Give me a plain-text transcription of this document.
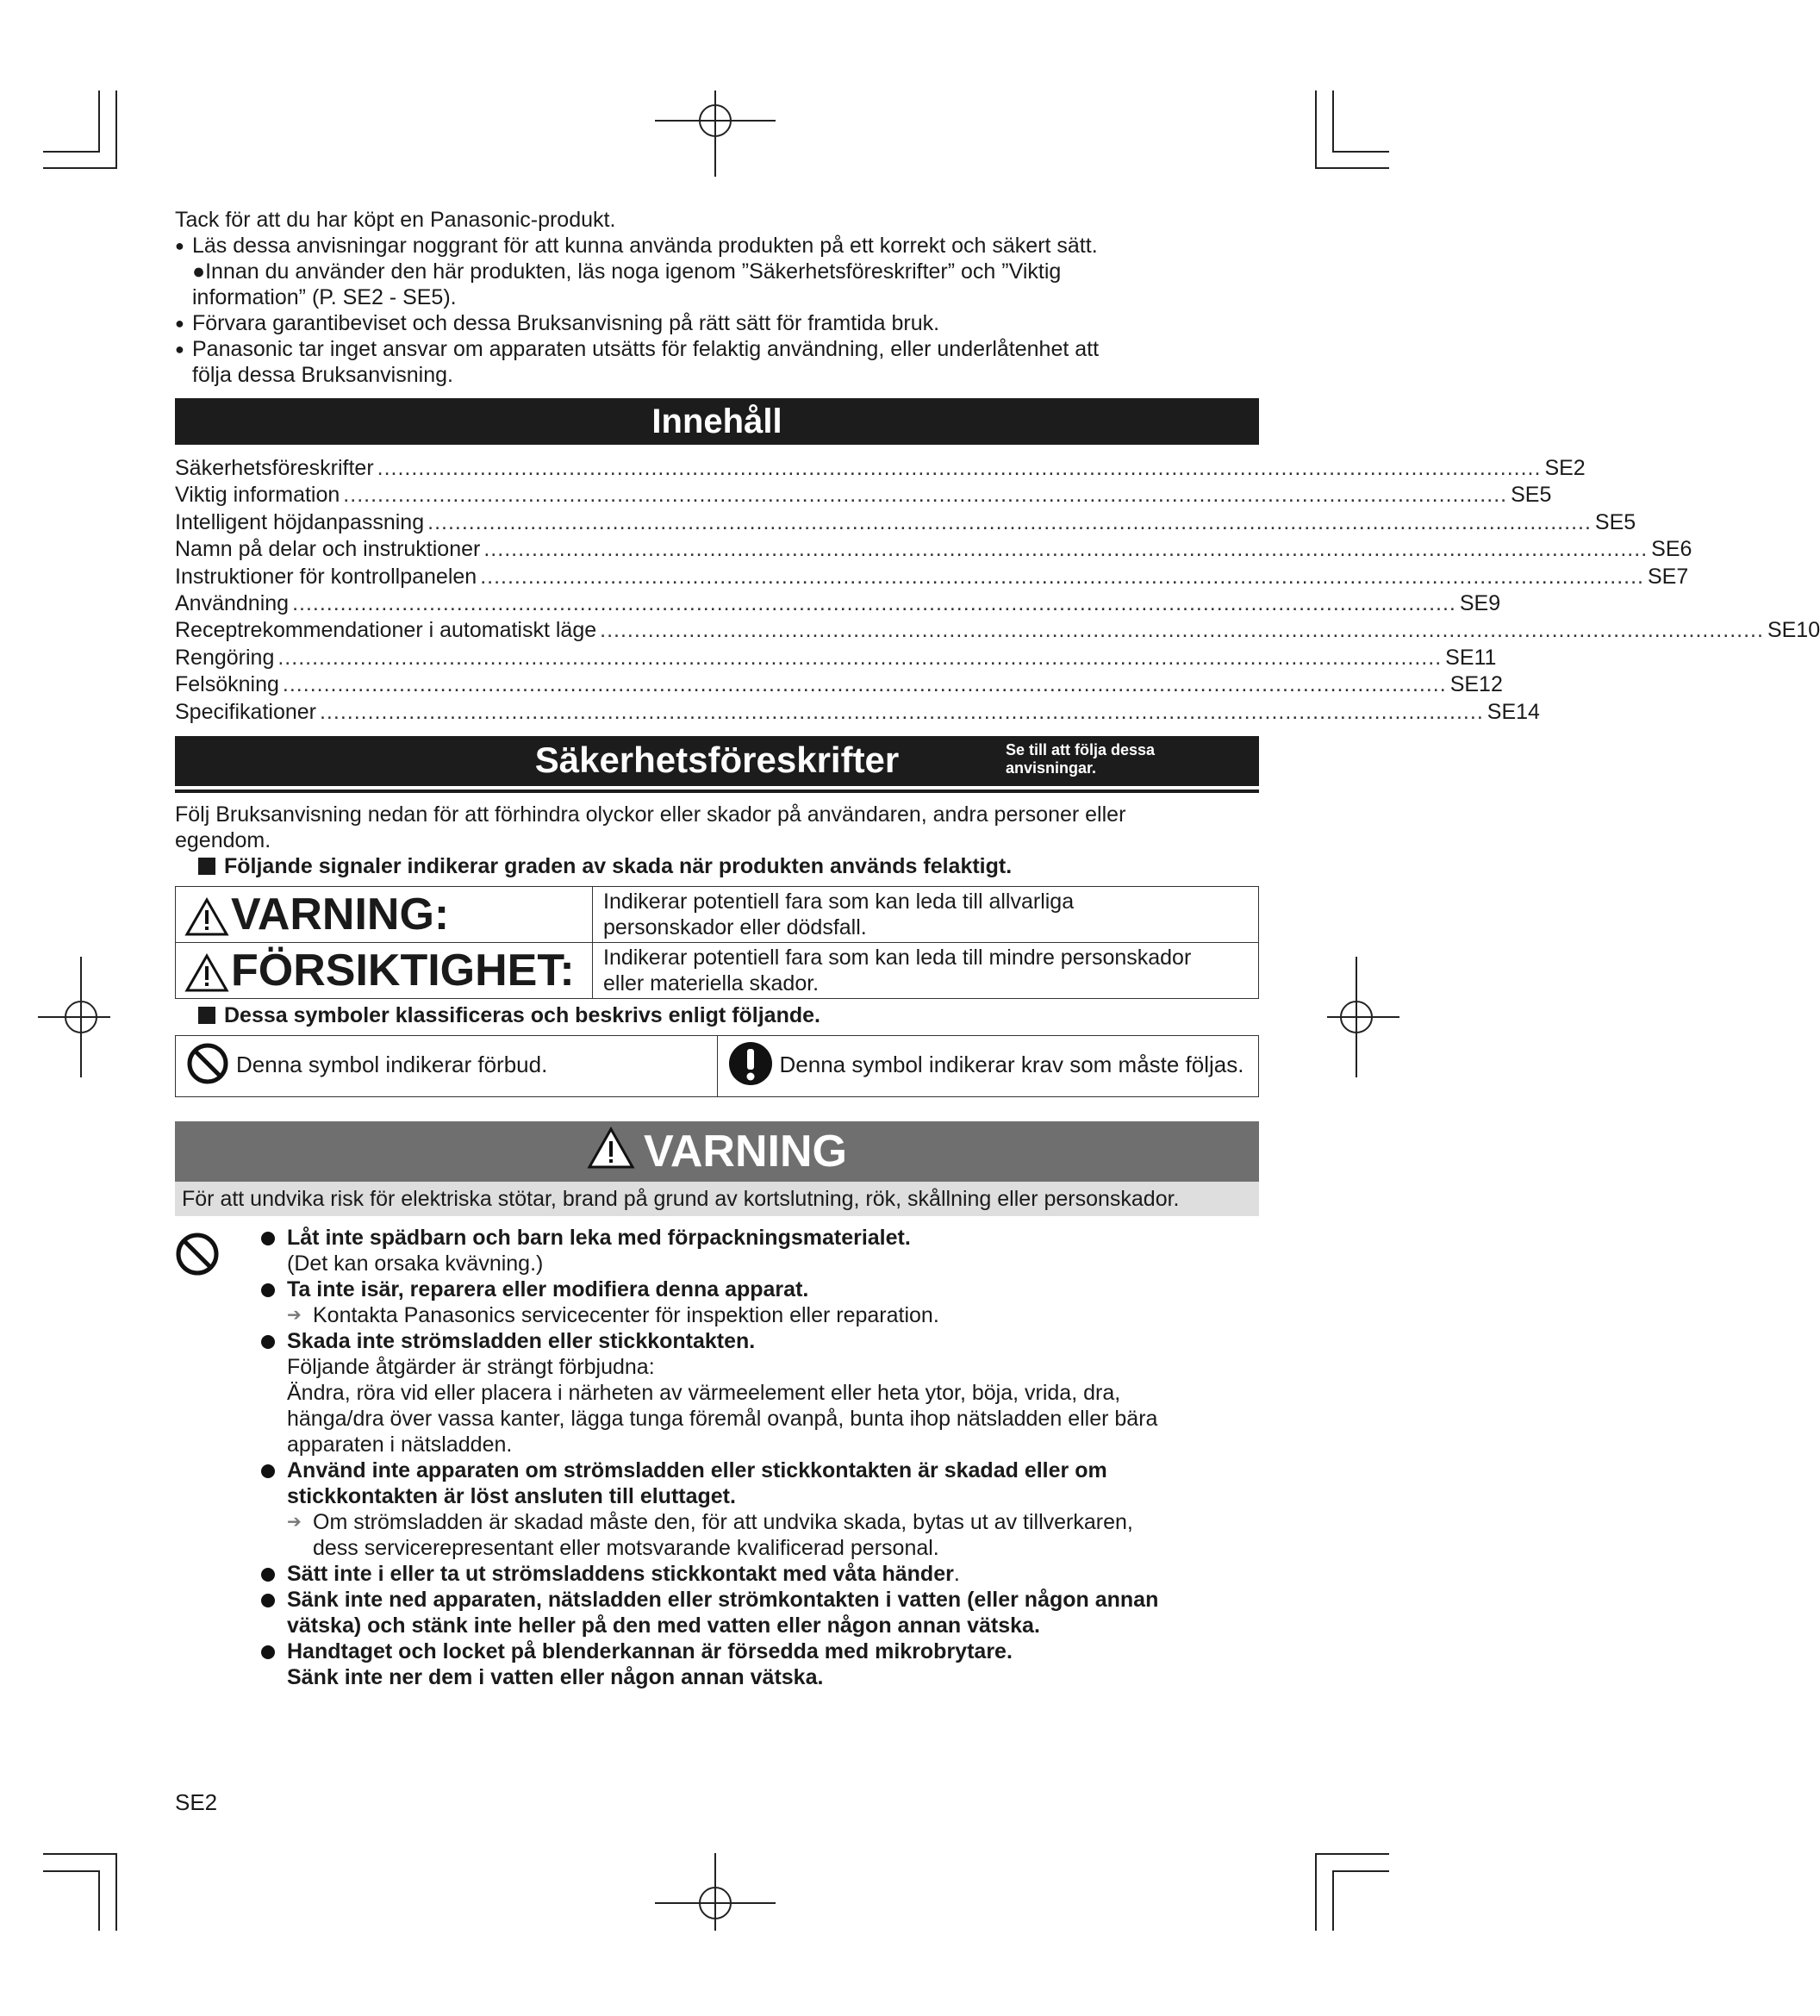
Tack för att du har köpt en Panasonic-produkt.

● Läs dessa anvisningar noggrant för att kunna använda produkten på ett korrekt och säkert sätt.

●Innan du använder den här produkten, läs noga igenom ”Säkerhetsföreskrifter” och ”Viktig

information” (P. SE2 - SE5).

● Förvara garantibeviset och dessa Bruksanvisning på rätt sätt för framtida bruk.

● Panasonic tar inget ansvar om apparaten utsätts för felaktig användning, eller underlåtenhet att

följa dessa Bruksanvisning.

Innehåll
Säkerhetsföreskrifter .......................................................................................................................................................................... SE2
Viktig information .......................................................................................................................................................................... SE5
Intelligent höjdanpassning .......................................................................................................................................................................... SE5
Namn på delar och instruktioner .......................................................................................................................................................................... SE6
Instruktioner för kontrollpanelen .......................................................................................................................................................................... SE7
Användning .......................................................................................................................................................................... SE9
Receptrekommendationer i automatiskt läge .......................................................................................................................................................................... SE10
Rengöring .......................................................................................................................................................................... SE11
Felsökning .......................................................................................................................................................................... SE12
Specifikationer .......................................................................................................................................................................... SE14
Säkerhetsföreskrifter	Se till att följa dessa
anvisningar.
Följ Bruksanvisning nedan för att förhindra olyckor eller skador på användaren, andra personer eller
egendom.
Följande signaler indikerar graden av skada när produkten används felaktigt.
VARNING:	Indikerar potentiell fara som kan leda till allvarliga
personskador eller dödsfall.

FÖRSIKTIGHET:	Indikerar potentiell fara som kan leda till mindre personskador
eller materiella skador.
Dessa symboler klassificeras och beskrivs enligt följande.
Denna symbol indikerar förbud.	Denna symbol indikerar krav som måste följas.
VARNING
För att undvika risk för elektriska stötar, brand på grund av kortslutning, rök, skållning eller personskador.
Låt inte spädbarn och barn leka med förpackningsmaterialet.
(Det kan orsaka kvävning.)
Ta inte isär, reparera eller modifiera denna apparat.
➔ Kontakta Panasonics servicecenter för inspektion eller reparation.
Skada inte strömsladden eller stickkontakten.
Följande åtgärder är strängt förbjudna:
Ändra, röra vid eller placera i närheten av värmeelement eller heta ytor, böja, vrida, dra,
hänga/dra över vassa kanter, lägga tunga föremål ovanpå, bunta ihop nätsladden eller bära
apparaten i nätsladden.
Använd inte apparaten om strömsladden eller stickkontakten är skadad eller om
stickkontakten är löst ansluten till eluttaget.
➔ Om strömsladden är skadad måste den, för att undvika skada, bytas ut av tillverkaren,
dess servicerepresentant eller motsvarande kvalificerad personal.
Sätt inte i eller ta ut strömsladdens stickkontakt med våta händer.
Sänk inte ned apparaten, nätsladden eller strömkontakten i vatten (eller någon annan
vätska) och stänk inte heller på den med vatten eller någon annan vätska.
Handtaget och locket på blenderkannan är försedda med mikrobrytare.
Sänk inte ner dem i vatten eller någon annan vätska.
SE2
